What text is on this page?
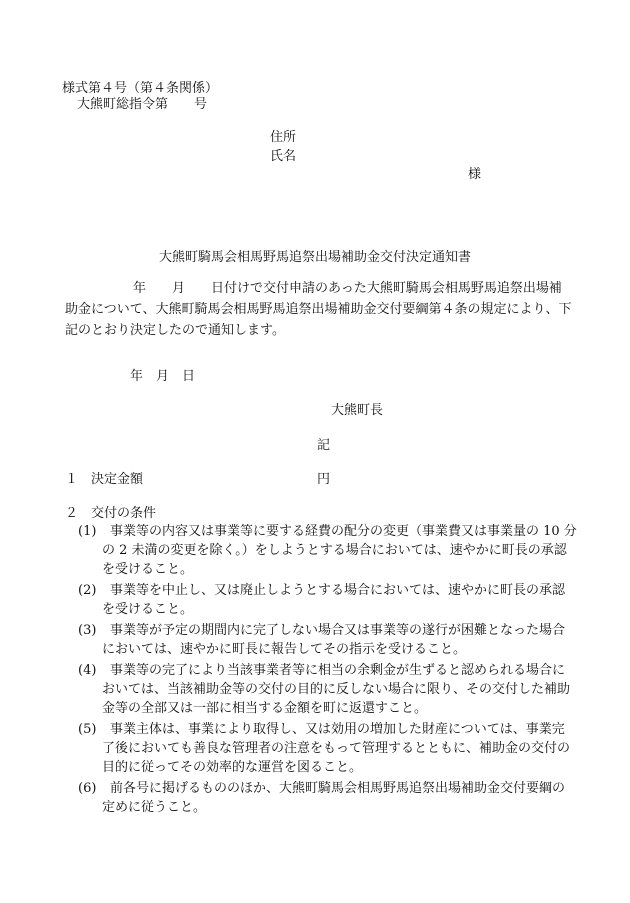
様式第４号（第４条関係）
大熊町総指令第　　号
住所
氏名
様
大熊町騎馬会相馬野馬追祭出場補助金交付決定通知書
年　　月　　日付けで交付申請のあった大熊町騎馬会相馬野馬追祭出場補
助金について、大熊町騎馬会相馬野馬追祭出場補助金交付要綱第４条の規定により、下
記のとおり決定したので通知します。
年　月　日
大熊町長
記
１　決定金額	円
２　交付の条件
(1)	事業等の内容又は事業等に要する経費の配分の変更（事業費又は事業量の 10 分
の 2 未満の変更を除く。）をしようとする場合においては、速やかに町長の承認
を受けること。
(2)	事業等を中止し、又は廃止しようとする場合においては、速やかに町長の承認
を受けること。
(3)	事業等が予定の期間内に完了しない場合又は事業等の遂行が困難となった場合
においては、速やかに町長に報告してその指示を受けること。
(4)	事業等の完了により当該事業者等に相当の余剰金が生ずると認められる場合に
おいては、当該補助金等の交付の目的に反しない場合に限り、その交付した補助
金等の全部又は一部に相当する金額を町に返還すこと。
(5)	事業主体は、事業により取得し、又は効用の増加した財産については、事業完
了後においても善良な管理者の注意をもって管理するとともに、補助金の交付の
目的に従ってその効率的な運営を図ること。
(6)	前各号に掲げるもののほか、大熊町騎馬会相馬野馬追祭出場補助金交付要綱の
定めに従うこと。
